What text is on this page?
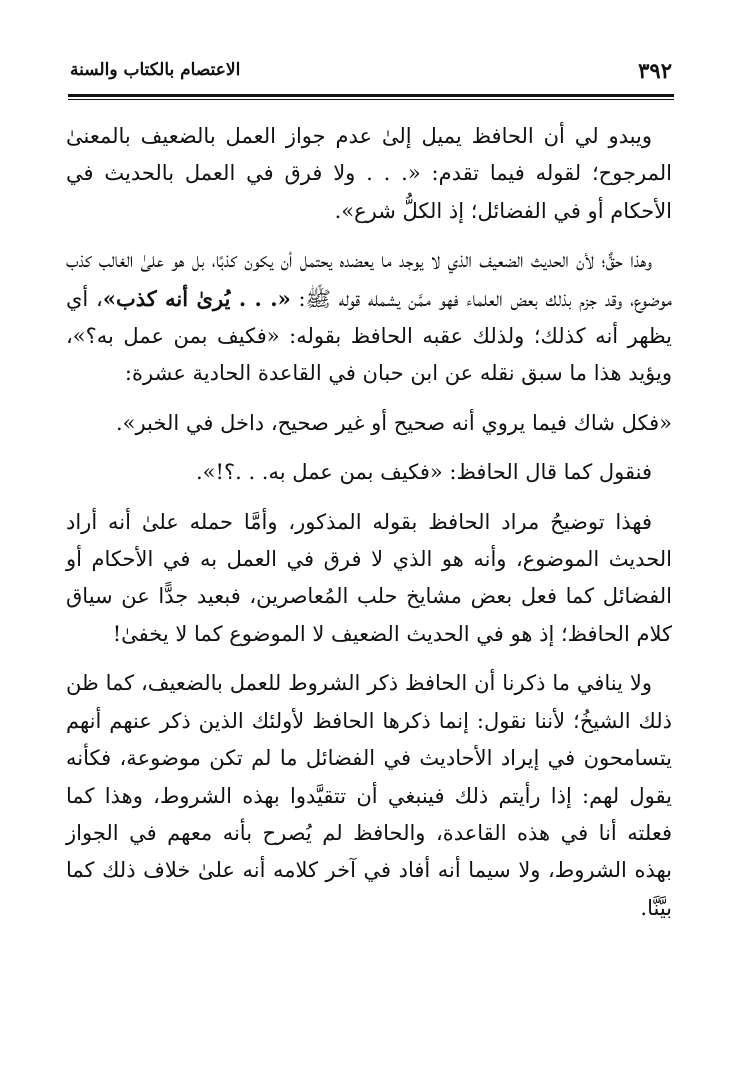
٣٩٢
الاعتصام بالكتاب والسنة

ويبدو لي أن الحافظ يميل إلىٰ عدم جواز العمل بالضعيف بالمعنىٰ المرجوح؛ لقوله فيما تقدم: «. . . ولا فرق في العمل بالحديث في الأحكام أو في الفضائل؛ إذ الكلُّ شرع».

وهذا حقٌّ؛ لأن الحديث الضعيف الذي لا يوجد ما يعضده يحتمل أن يكون كذبًا، بل هو علىٰ الغالب كذب موضوع، وقد جزم بذلك بعض العلماء فهو ممَّن يشمله قوله ﷺ: «. . . يُرىٰ أنه كذب»، أي يظهر أنه كذلك؛ ولذلك عقبه الحافظ بقوله: «فكيف بمن عمل به؟»، ويؤيد هذا ما سبق نقله عن ابن حبان في القاعدة الحادية عشرة:

«فكل شاك فيما يروي أنه صحيح أو غير صحيح، داخل في الخبر».

فنقول كما قال الحافظ: «فكيف بمن عمل به. . .؟!».

فهذا توضيحُ مراد الحافظ بقوله المذكور، وأمَّا حمله علىٰ أنه أراد الحديث الموضوع، وأنه هو الذي لا فرق في العمل به في الأحكام أو الفضائل كما فعل بعض مشايخ حلب المُعاصرين، فبعيد جدًّا عن سياق كلام الحافظ؛ إذ هو في الحديث الضعيف لا الموضوع كما لا يخفىٰ!

ولا ينافي ما ذكرنا أن الحافظ ذكر الشروط للعمل بالضعيف، كما ظن ذلك الشيخُ؛ لأننا نقول: إنما ذكرها الحافظ لأولئك الذين ذكر عنهم أنهم يتسامحون في إيراد الأحاديث في الفضائل ما لم تكن موضوعة، فكأنه يقول لهم: إذا رأيتم ذلك فينبغي أن تتقيَّدوا بهذه الشروط، وهذا كما فعلته أنا في هذه القاعدة، والحافظ لم يُصرح بأنه معهم في الجواز بهذه الشروط، ولا سيما أنه أفاد في آخر كلامه أنه علىٰ خلاف ذلك كما بيَّنَّا.
